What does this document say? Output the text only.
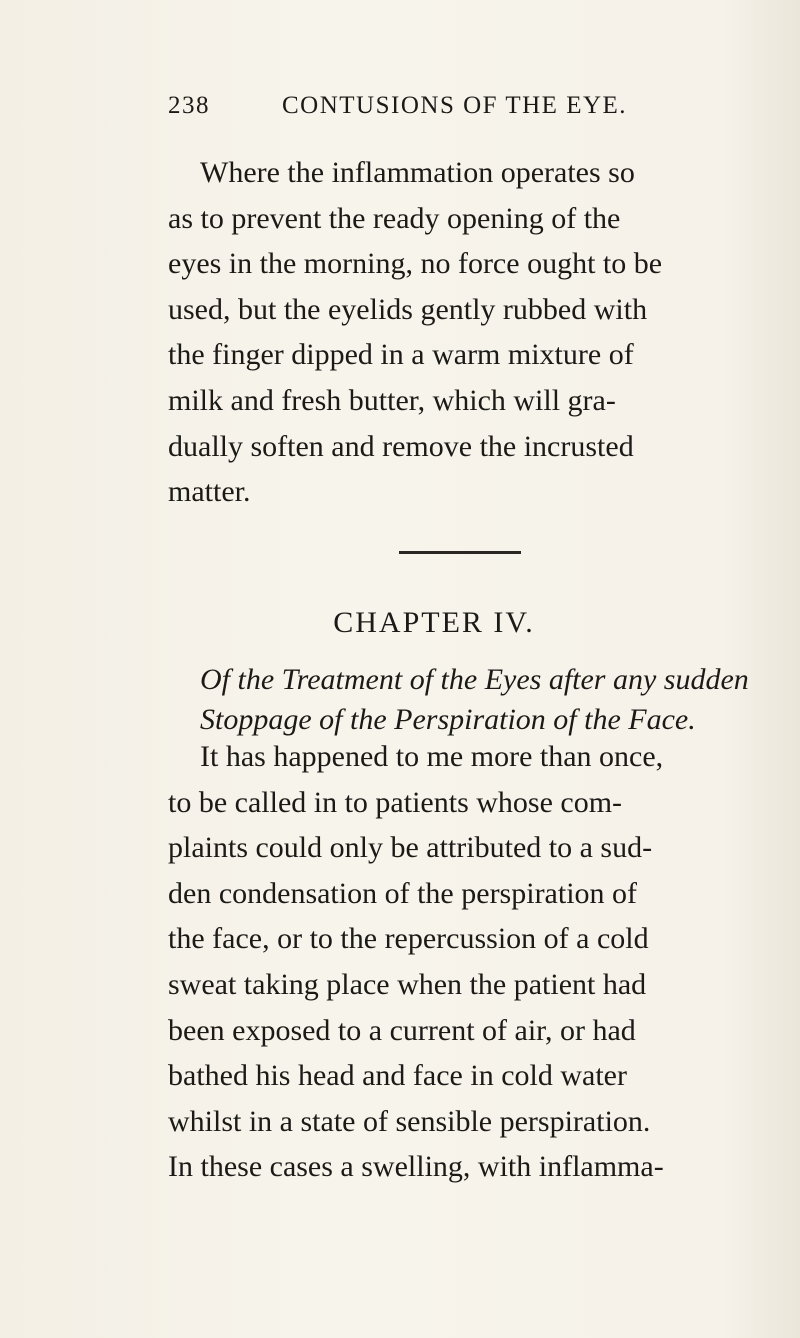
238	CONTUSIONS OF THE EYE.
Where the inflammation operates so
as to prevent the ready opening of the
eyes in the morning, no force ought to be
used, but the eyelids gently rubbed with
the finger dipped in a warm mixture of
milk and fresh butter, which will gra-
dually soften and remove the incrusted
matter.
CHAPTER IV.
Of the Treatment of the Eyes after any sudden
Stoppage of the Perspiration of the Face.
It has happened to me more than once,
to be called in to patients whose com-
plaints could only be attributed to a sud-
den condensation of the perspiration of
the face, or to the repercussion of a cold
sweat taking place when the patient had
been exposed to a current of air, or had
bathed his head and face in cold water
whilst in a state of sensible perspiration.
In these cases a swelling, with inflamma-
